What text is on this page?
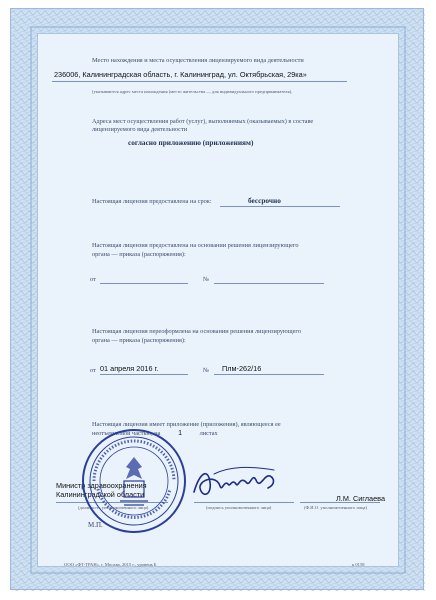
Место нахождения и места осуществления лицензируемого вида деятельности
236006, Калининградская область, г. Калининград, ул. Октябрьская, 29ка»
(указываются адрес места нахождения (место жительства — для индивидуального предпринимателя),
Адреса мест осуществления работ (услуг), выполняемых (оказываемых) в составе
лицензируемого вида деятельности
согласно приложению (приложениям)
Настоящая лицензия предоставлена на срок:	бессрочно
Настоящая лицензия предоставлена на основании решения лицензирующего
органа — приказа (распоряжения):
от	№
Настоящая лицензия переоформлена на основании решения лицензирующего
органа — приказа (распоряжения):
от 01 апреля 2016 г.	№ Плм-262/16
Настоящая лицензия имеет приложение (приложения), являющееся ее
неотъемлемой частью, на	1	листах
Министр здравоохранения
Калининградской области	Л.М. Сиглаева
(должность уполномоченного лица)	(подпись уполномоченного лица)	(Ф.И.О. уполномоченного лица)
М.П.
ООО «ФТ-ТРАН», г. Москва, 2015 г., уровень Б	к 0158
